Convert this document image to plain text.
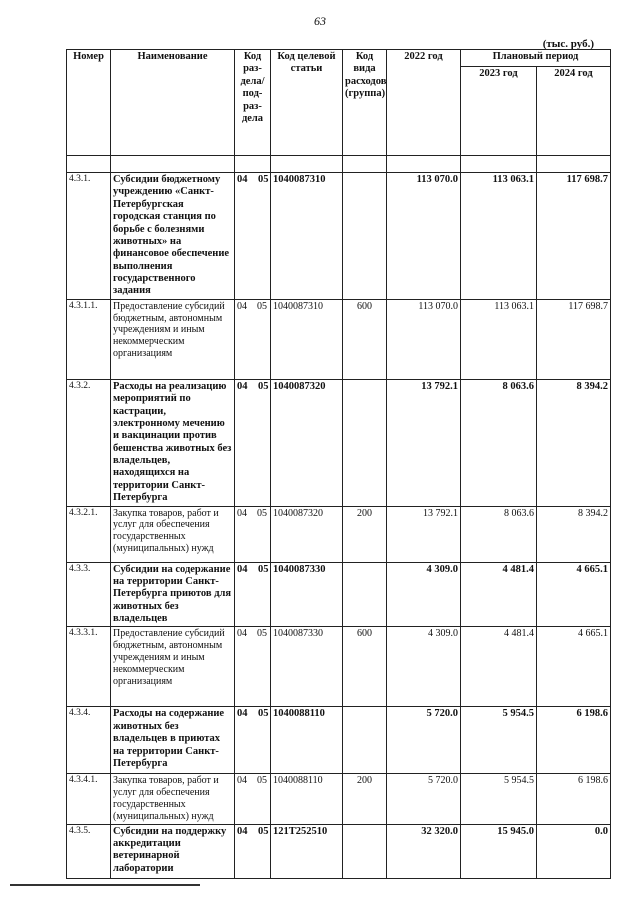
63
(тыс. руб.)
Номер	Наименование	Код раз- дела/ под- раз- дела	Код целевой статьи	Код вида расходов (группа)	2022 год	Плановый период	
						2023 год	2024 год

4.3.1.	Субсидии бюджетному учреждению «Санкт-Петербургская городская станция по борьбе с болезнями животных» на финансовое обеспечение выполнения государственного задания	04 05	1040087310		113 070.0	113 063.1	117 698.7
4.3.1.1.	Предоставление субсидий бюджетным, автономным учреждениям и иным некоммерческим организациям	04 05	1040087310	600	113 070.0	113 063.1	117 698.7
4.3.2.	Расходы на реализацию мероприятий по кастрации, электронному мечению и вакцинации против бешенства животных без владельцев, находящихся на территории Санкт-Петербурга	04 05	1040087320		13 792.1	8 063.6	8 394.2
4.3.2.1.	Закупка товаров, работ и услуг для обеспечения государственных (муниципальных) нужд	04 05	1040087320	200	13 792.1	8 063.6	8 394.2
4.3.3.	Субсидии на содержание на территории Санкт-Петербурга приютов для животных без владельцев	04 05	1040087330		4 309.0	4 481.4	4 665.1
4.3.3.1.	Предоставление субсидий бюджетным, автономным учреждениям и иным некоммерческим организациям	04 05	1040087330	600	4 309.0	4 481.4	4 665.1
4.3.4.	Расходы на содержание животных без владельцев в приютах на территории Санкт-Петербурга	04 05	1040088110		5 720.0	5 954.5	6 198.6
4.3.4.1.	Закупка товаров, работ и услуг для обеспечения государственных (муниципальных) нужд	04 05	1040088110	200	5 720.0	5 954.5	6 198.6
4.3.5.	Субсидии на поддержку аккредитации ветеринарной лаборатории	04 05	121Т252510		32 320.0	15 945.0	0.0
